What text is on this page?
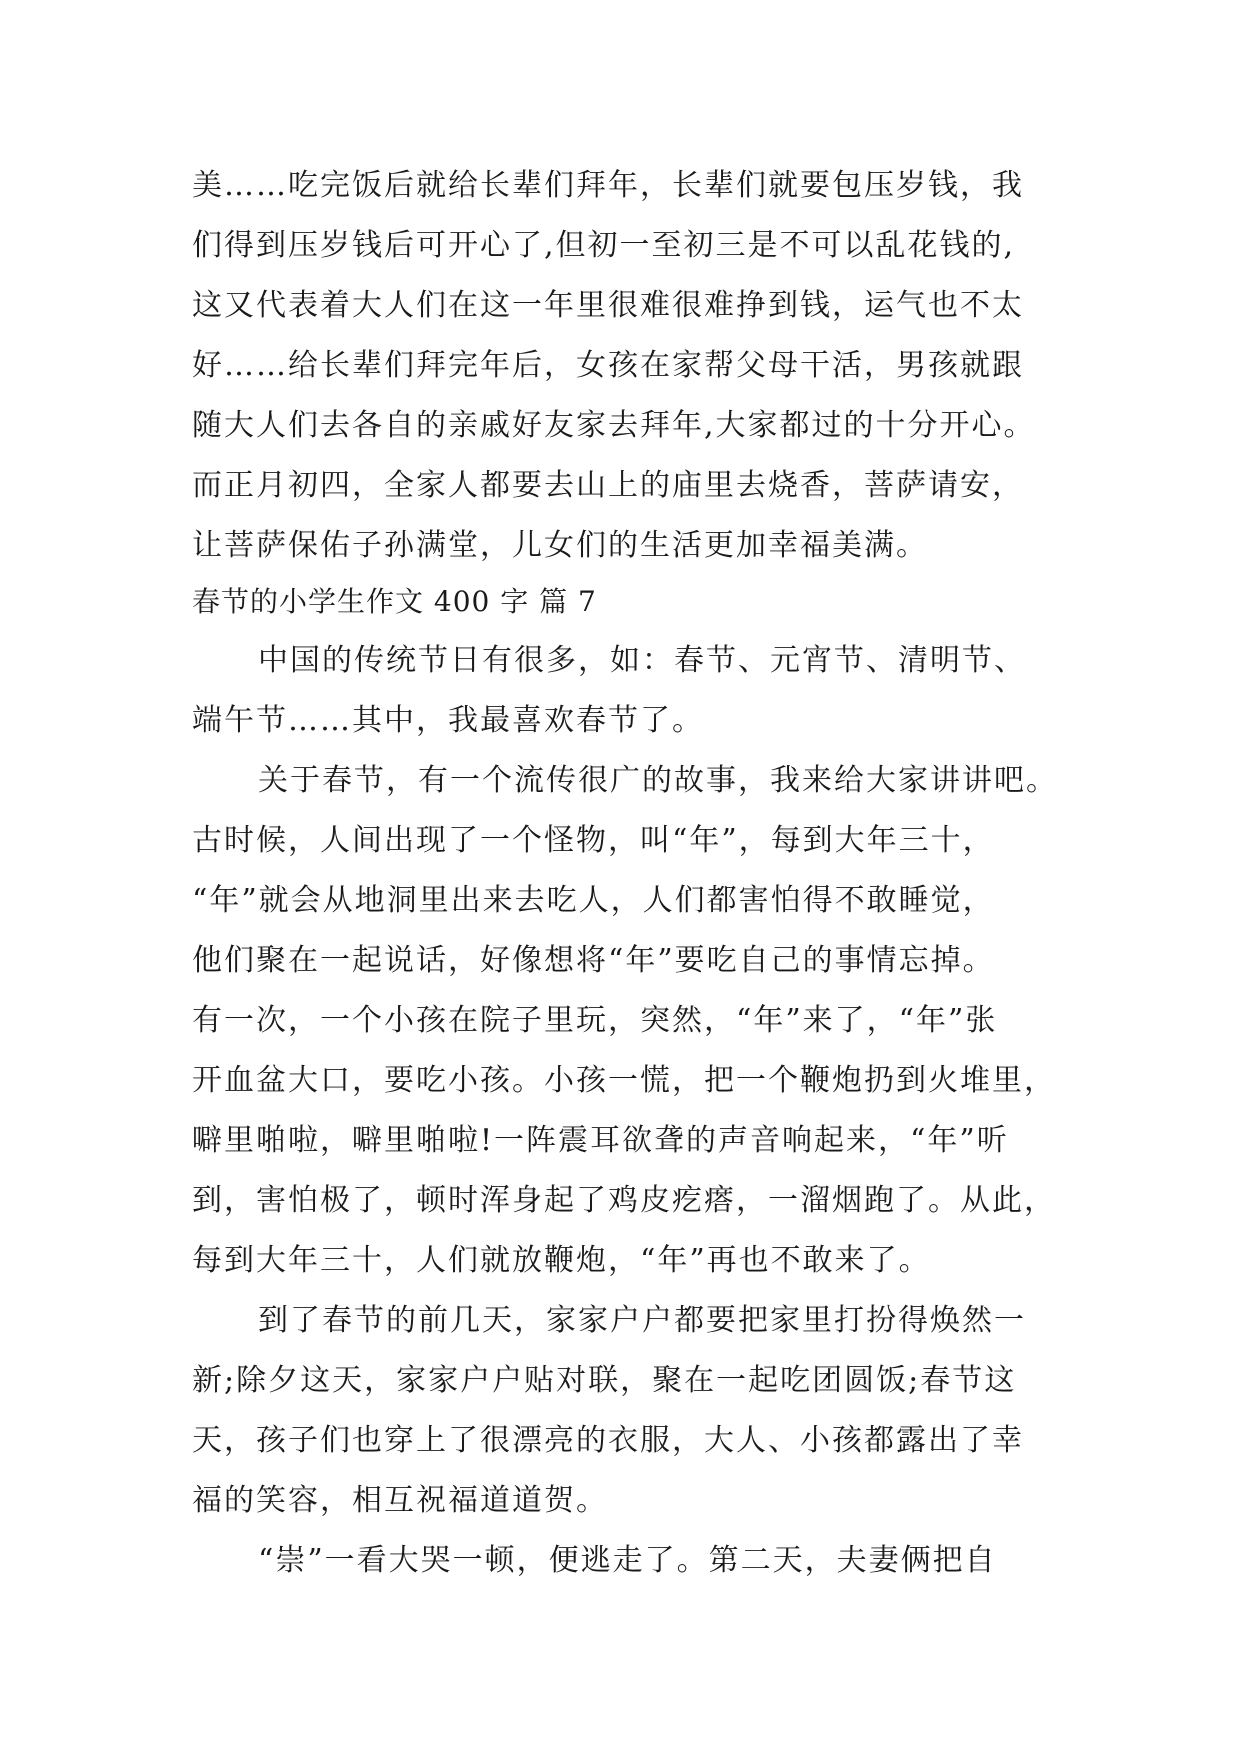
美……吃完饭后就给长辈们拜年，长辈们就要包压岁钱，我
们得到压岁钱后可开心了,但初一至初三是不可以乱花钱的,
这又代表着大人们在这一年里很难很难挣到钱，运气也不太
好……给长辈们拜完年后，女孩在家帮父母干活，男孩就跟
随大人们去各自的亲戚好友家去拜年,大家都过的十分开心。
而正月初四，全家人都要去山上的庙里去烧香，菩萨请安，
让菩萨保佑子孙满堂，儿女们的生活更加幸福美满。
春节的小学生作文 400 字 篇 7
中国的传统节日有很多，如：春节、元宵节、清明节、
端午节……其中，我最喜欢春节了。
关于春节，有一个流传很广的故事，我来给大家讲讲吧。
古时候，人间出现了一个怪物，叫“年”，每到大年三十，
“年”就会从地洞里出来去吃人，人们都害怕得不敢睡觉，
他们聚在一起说话，好像想将“年”要吃自己的事情忘掉。
有一次，一个小孩在院子里玩，突然，“年”来了，“年”张
开血盆大口，要吃小孩。小孩一慌，把一个鞭炮扔到火堆里，
噼里啪啦，噼里啪啦!一阵震耳欲聋的声音响起来，“年”听
到，害怕极了，顿时浑身起了鸡皮疙瘩，一溜烟跑了。从此，
每到大年三十，人们就放鞭炮，“年”再也不敢来了。
到了春节的前几天，家家户户都要把家里打扮得焕然一
新;除夕这天，家家户户贴对联，聚在一起吃团圆饭;春节这
天，孩子们也穿上了很漂亮的衣服，大人、小孩都露出了幸
福的笑容，相互祝福道道贺。
“崇”一看大哭一顿，便逃走了。第二天，夫妻俩把自
